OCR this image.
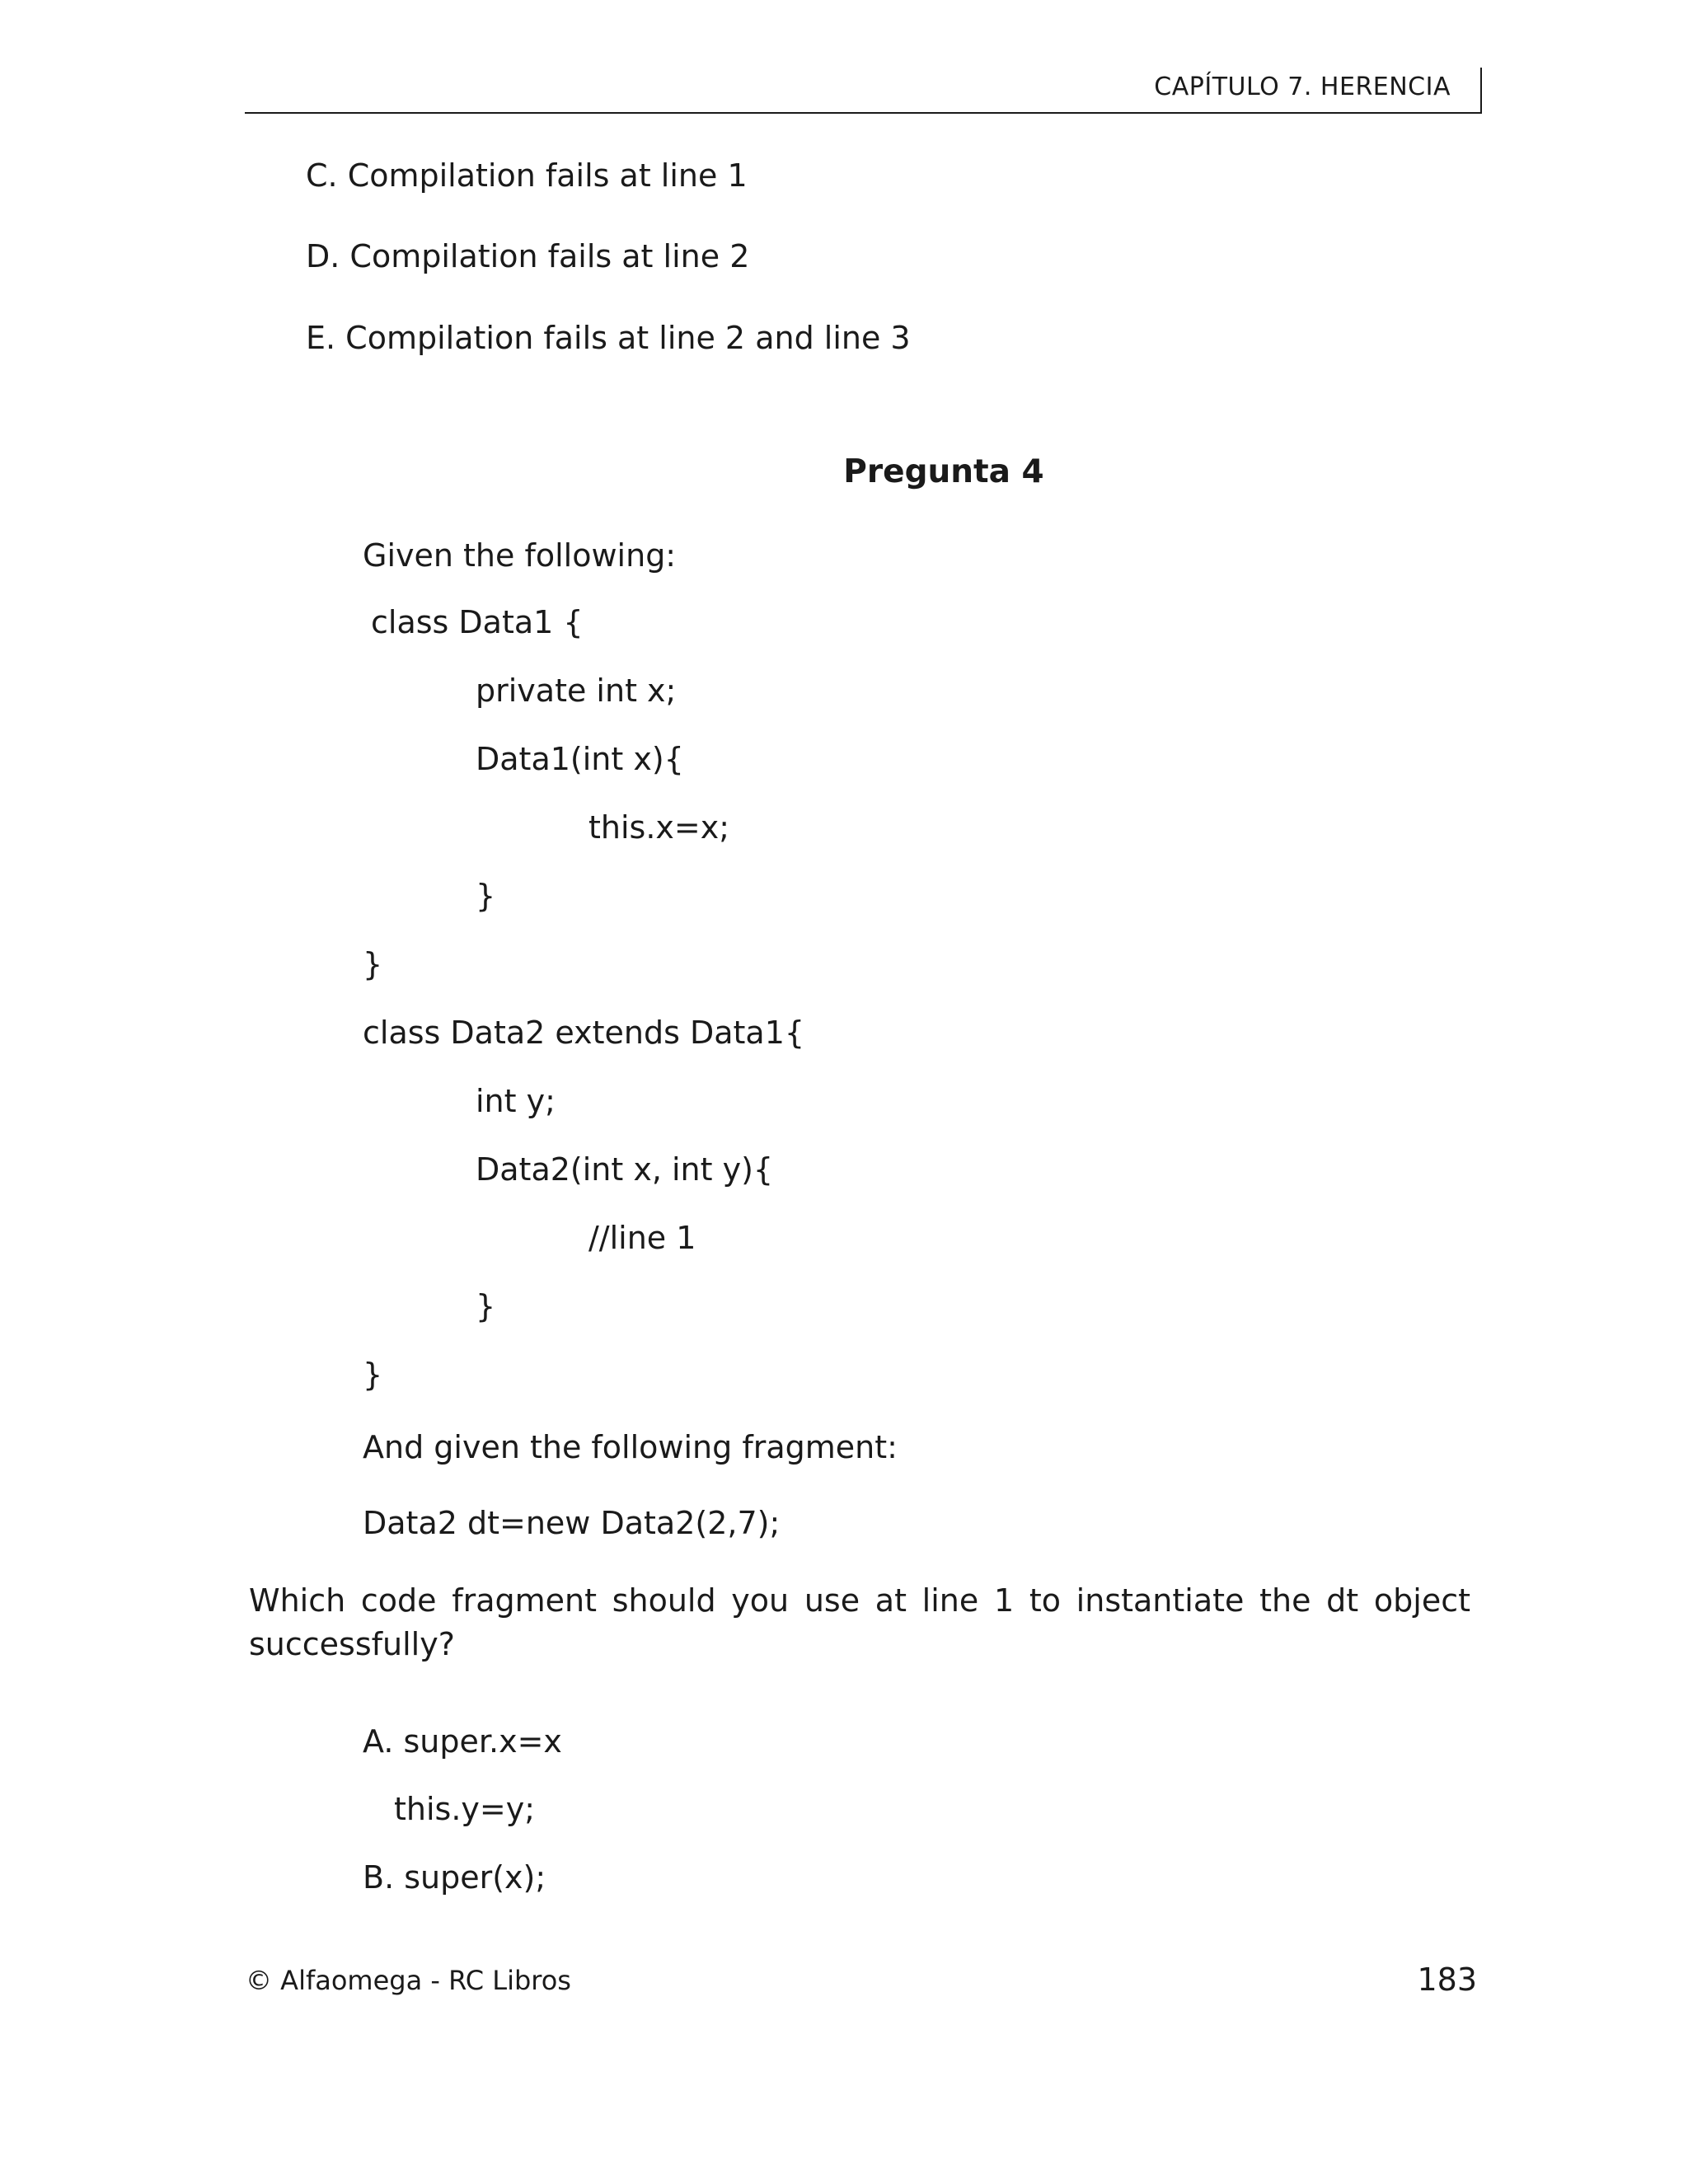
CAPÍTULO 7. HERENCIA
C. Compilation fails at line 1
D. Compilation fails at line 2
E. Compilation fails at line 2 and line 3
Pregunta 4
Given the following:
class Data1 {
private int x;
Data1(int x){
this.x=x;
}
}
class Data2 extends Data1{
int y;
Data2(int x, int y){
//line 1
}
}
And given the following fragment:
Data2 dt=new Data2(2,7);
Which code fragment should you use at line 1 to instantiate the dt object successfully?
A. super.x=x
this.y=y;
B. super(x);
© Alfaomega - RC Libros	183
